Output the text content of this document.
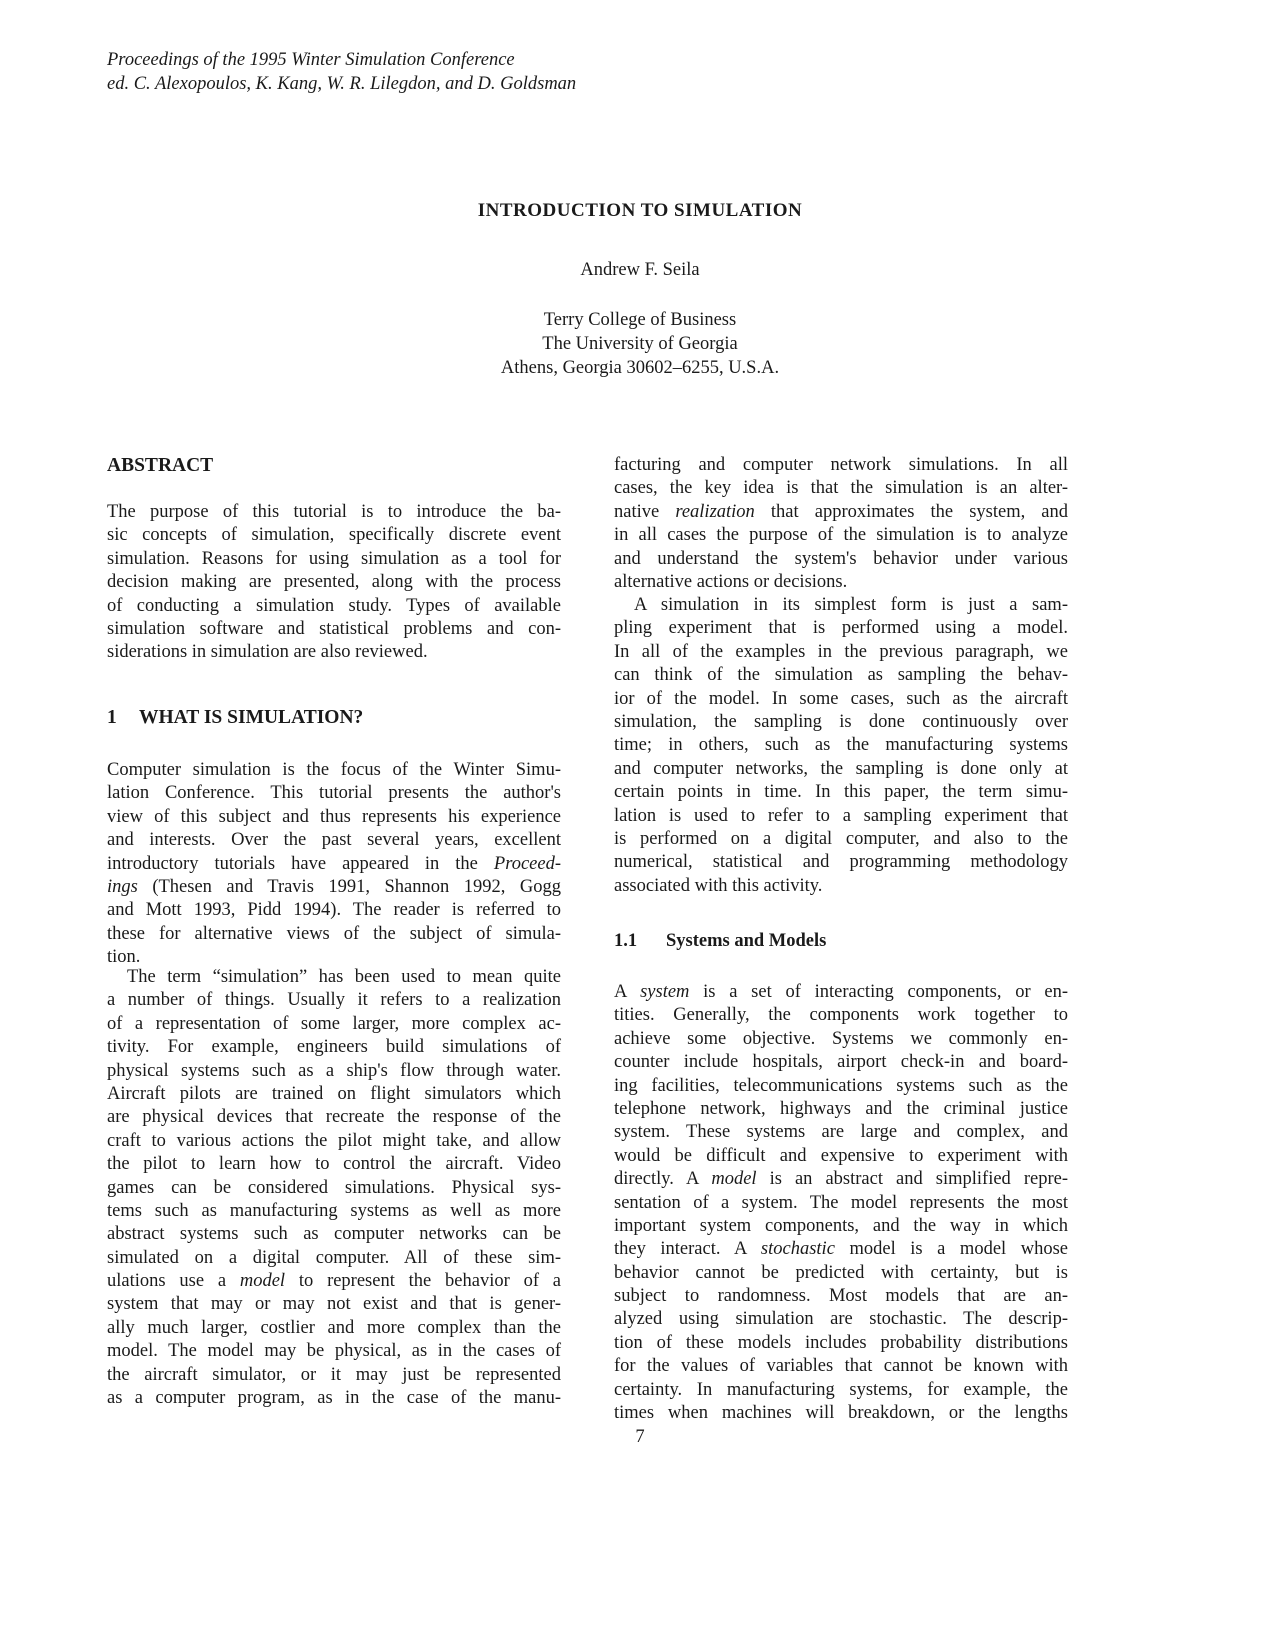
Proceedings of the 1995 Winter Simulation Conference
ed. C. Alexopoulos, K. Kang, W. R. Lilegdon, and D. Goldsman
INTRODUCTION TO SIMULATION
Andrew F. Seila
Terry College of Business
The University of Georgia
Athens, Georgia 30602–6255, U.S.A.
ABSTRACT
The purpose of this tutorial is to introduce the ba-
sic concepts of simulation, specifically discrete event
simulation. Reasons for using simulation as a tool for
decision making are presented, along with the process
of conducting a simulation study. Types of available
simulation software and statistical problems and con-
siderations in simulation are also reviewed.
1 WHAT IS SIMULATION?
Computer simulation is the focus of the Winter Simu-
lation Conference. This tutorial presents the author's
view of this subject and thus represents his experience
and interests. Over the past several years, excellent
introductory tutorials have appeared in the Proceed-
ings (Thesen and Travis 1991, Shannon 1992, Gogg
and Mott 1993, Pidd 1994). The reader is referred to
these for alternative views of the subject of simula-
tion.
The term “simulation” has been used to mean quite
a number of things. Usually it refers to a realization
of a representation of some larger, more complex ac-
tivity. For example, engineers build simulations of
physical systems such as a ship's flow through water.
Aircraft pilots are trained on flight simulators which
are physical devices that recreate the response of the
craft to various actions the pilot might take, and allow
the pilot to learn how to control the aircraft. Video
games can be considered simulations. Physical sys-
tems such as manufacturing systems as well as more
abstract systems such as computer networks can be
simulated on a digital computer. All of these sim-
ulations use a model to represent the behavior of a
system that may or may not exist and that is gener-
ally much larger, costlier and more complex than the
model. The model may be physical, as in the cases of
the aircraft simulator, or it may just be represented
as a computer program, as in the case of the manu-
facturing and computer network simulations. In all
cases, the key idea is that the simulation is an alter-
native realization that approximates the system, and
in all cases the purpose of the simulation is to analyze
and understand the system's behavior under various
alternative actions or decisions.
A simulation in its simplest form is just a sam-
pling experiment that is performed using a model.
In all of the examples in the previous paragraph, we
can think of the simulation as sampling the behav-
ior of the model. In some cases, such as the aircraft
simulation, the sampling is done continuously over
time; in others, such as the manufacturing systems
and computer networks, the sampling is done only at
certain points in time. In this paper, the term simu-
lation is used to refer to a sampling experiment that
is performed on a digital computer, and also to the
numerical, statistical and programming methodology
associated with this activity.
1.1 Systems and Models
A system is a set of interacting components, or en-
tities. Generally, the components work together to
achieve some objective. Systems we commonly en-
counter include hospitals, airport check-in and board-
ing facilities, telecommunications systems such as the
telephone network, highways and the criminal justice
system. These systems are large and complex, and
would be difficult and expensive to experiment with
directly. A model is an abstract and simplified repre-
sentation of a system. The model represents the most
important system components, and the way in which
they interact. A stochastic model is a model whose
behavior cannot be predicted with certainty, but is
subject to randomness. Most models that are an-
alyzed using simulation are stochastic. The descrip-
tion of these models includes probability distributions
for the values of variables that cannot be known with
certainty. In manufacturing systems, for example, the
times when machines will breakdown, or the lengths
7
